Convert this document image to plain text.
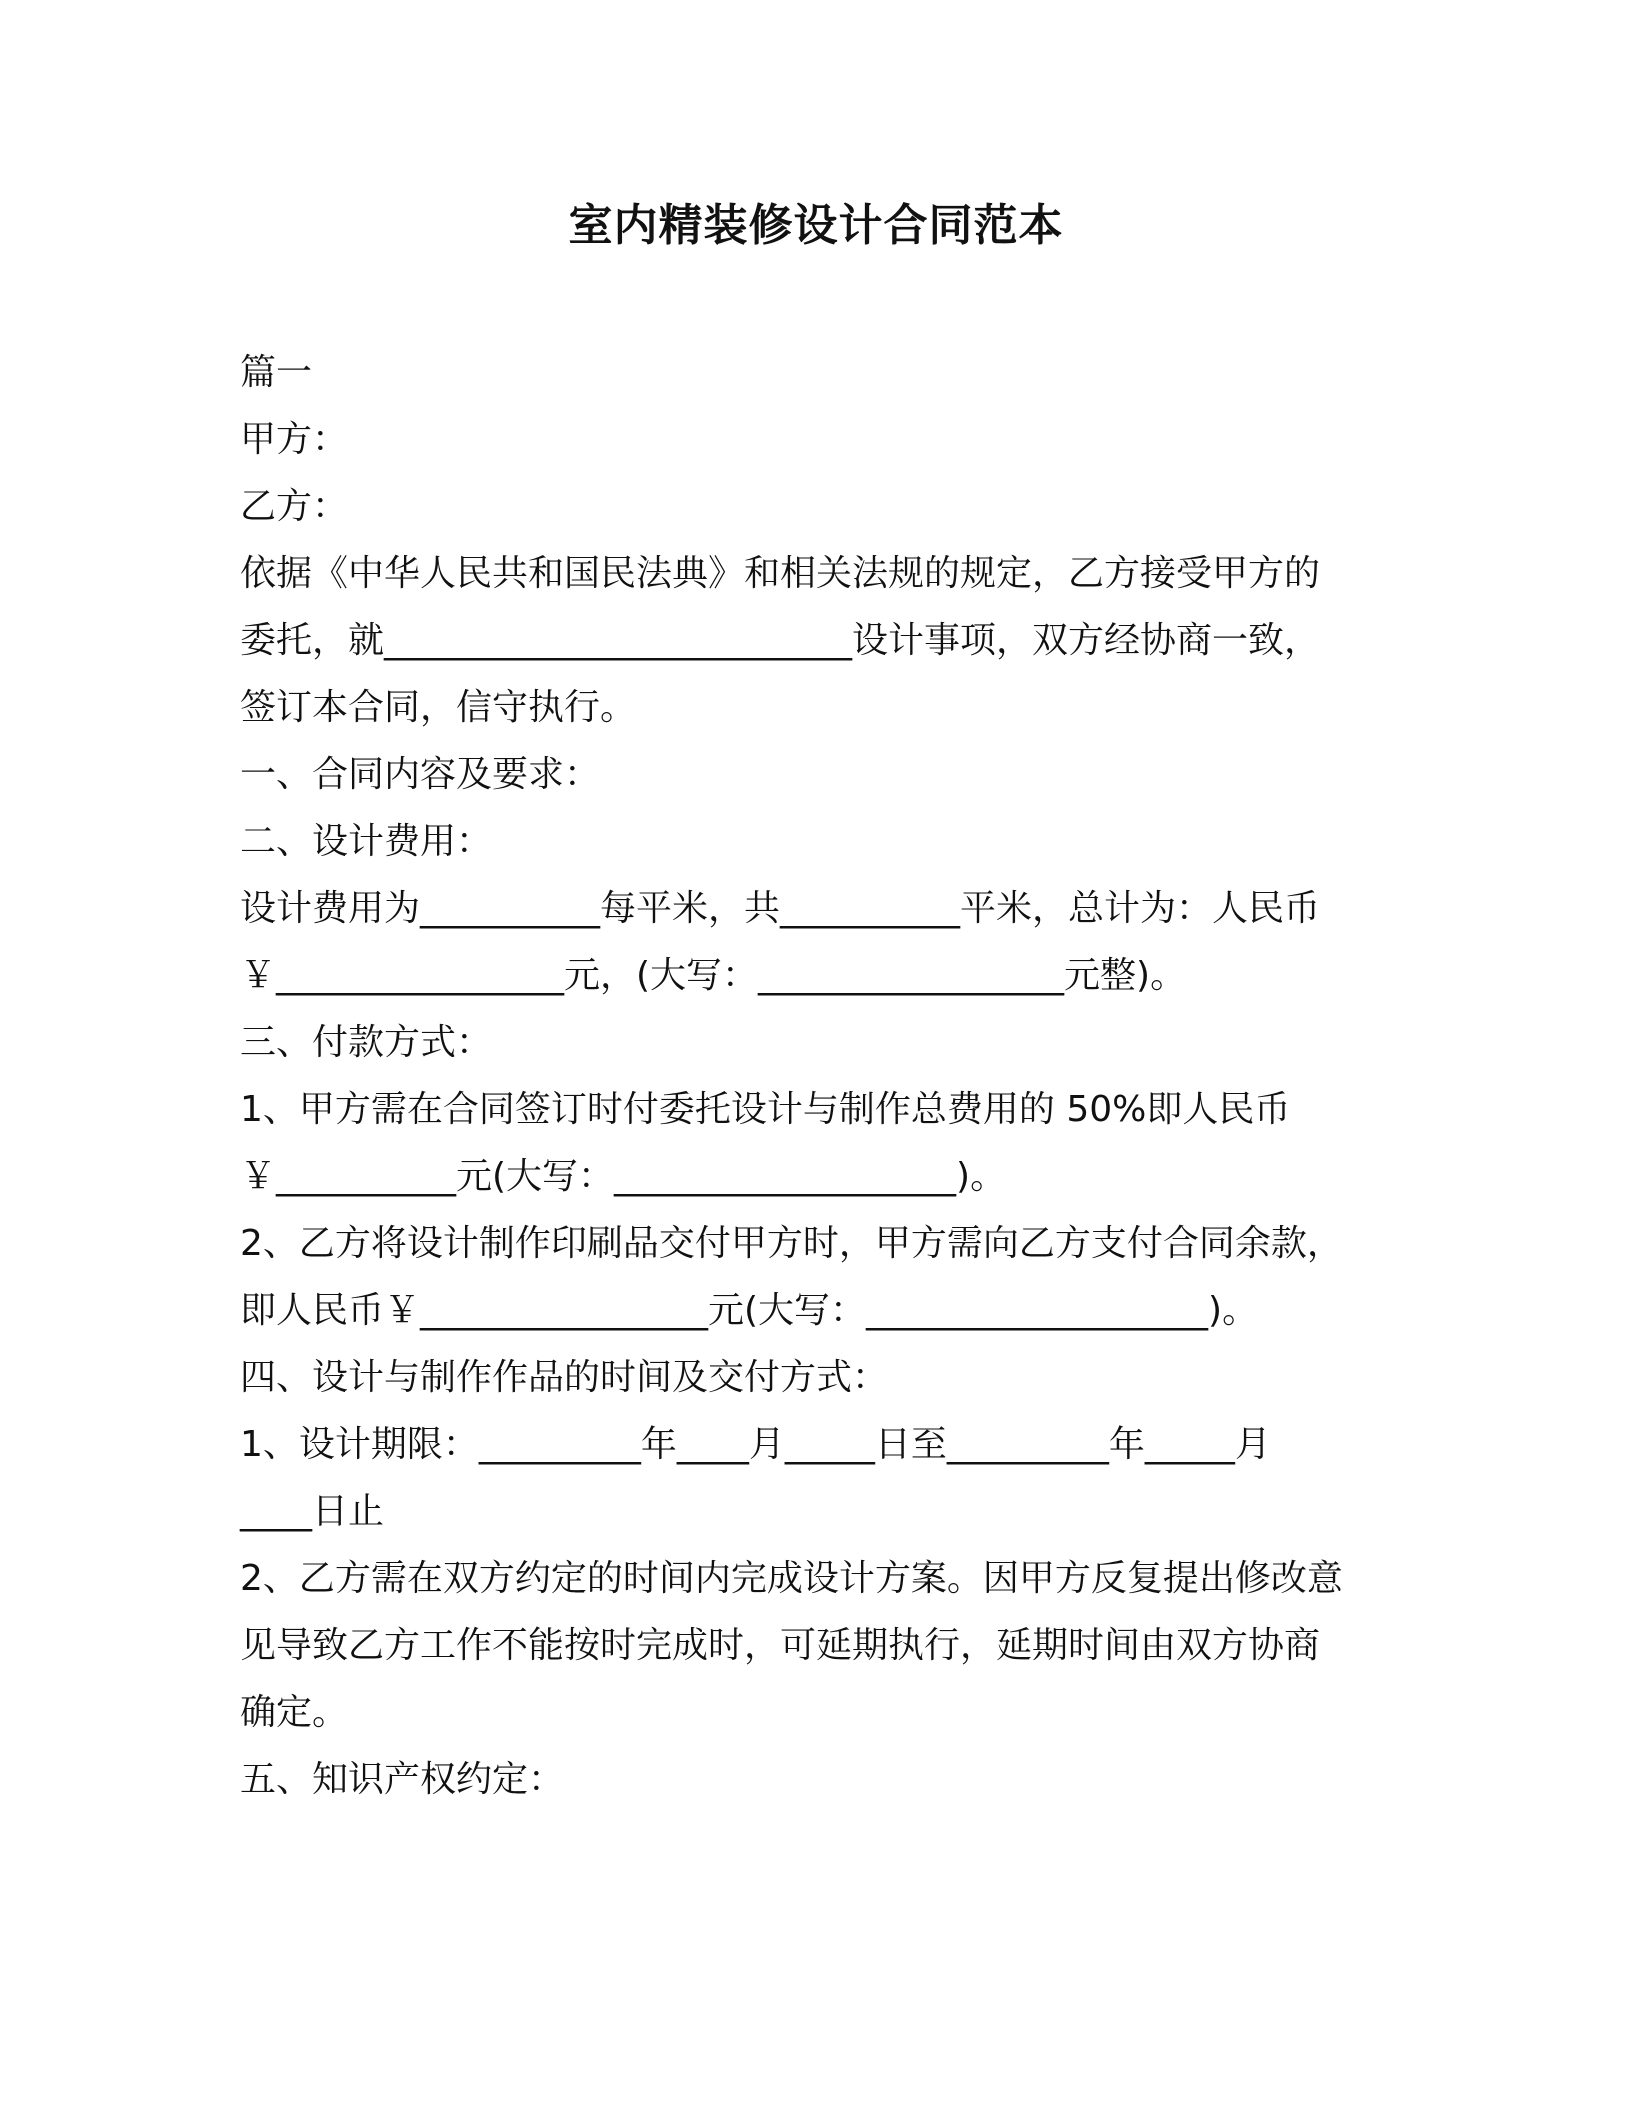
室内精装修设计合同范本
篇一
甲方：
乙方：
依据《中华人民共和国民法典》和相关法规的规定，乙方接受甲方的
委托，就__________________________设计事项，双方经协商一致，
签订本合同，信守执行。
一、合同内容及要求：
二、设计费用：
设计费用为__________每平米，共__________平米，总计为：人民币
￥________________元，(大写：_________________元整)。
三、付款方式：
1、甲方需在合同签订时付委托设计与制作总费用的 50%即人民币
￥__________元(大写：___________________)。
2、乙方将设计制作印刷品交付甲方时，甲方需向乙方支付合同余款，
即人民币￥________________元(大写：___________________)。
四、设计与制作作品的时间及交付方式：
1、设计期限：_________年____月_____日至_________年_____月
____日止
2、乙方需在双方约定的时间内完成设计方案。因甲方反复提出修改意
见导致乙方工作不能按时完成时，可延期执行，延期时间由双方协商
确定。
五、知识产权约定：
